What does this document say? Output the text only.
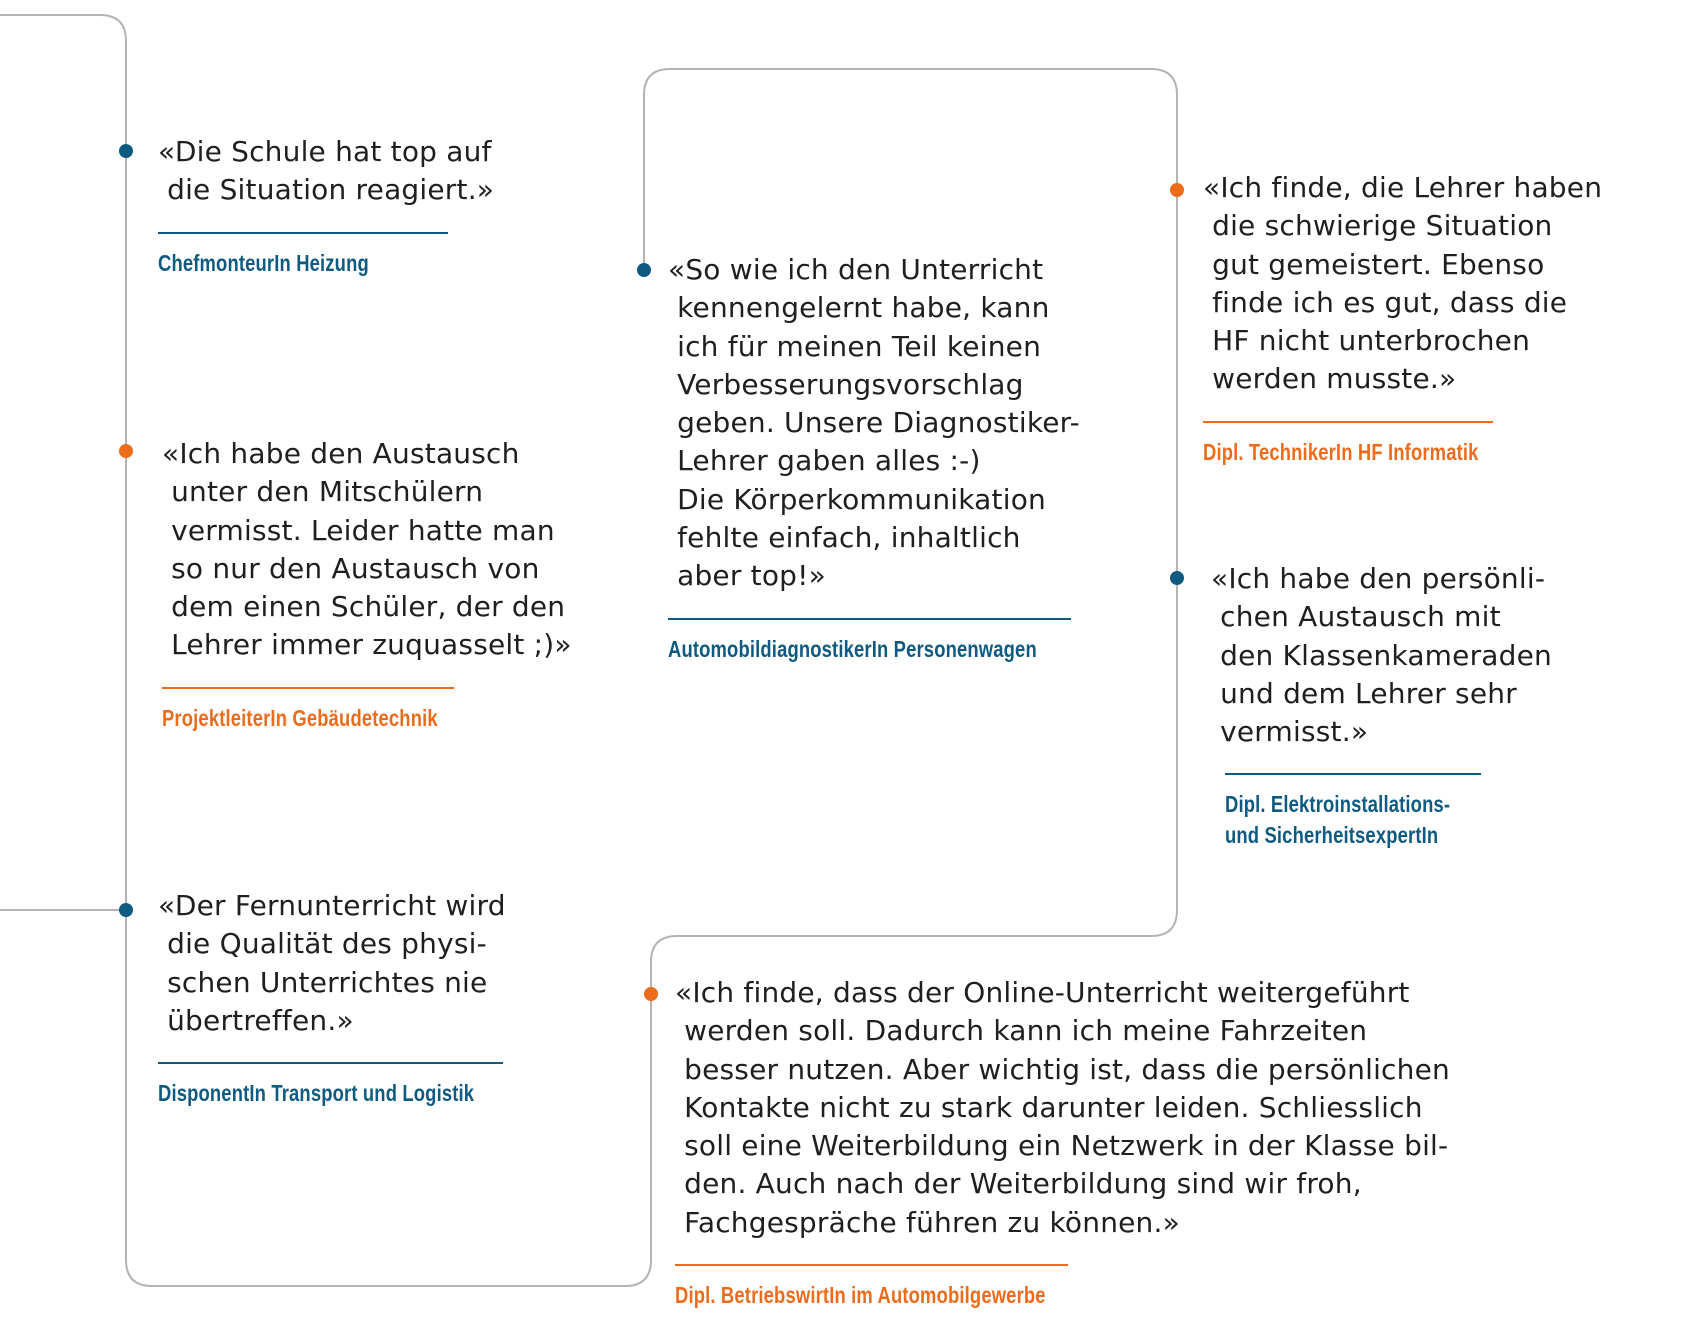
«Die Schule hat top auf
die Situation reagiert.»

ChefmonteurIn Heizung

«Ich habe den Austausch
unter den Mitschülern
vermisst. Leider hatte man
so nur den Austausch von
dem einen Schüler, der den
Lehrer immer zuquasselt ;)»

ProjektleiterIn Gebäudetechnik

«Der Fernunterricht wird
die Qualität des physi-
schen Unterrichtes nie
übertreffen.»

DisponentIn Transport und Logistik

«So wie ich den Unterricht
kennengelernt habe, kann
ich für meinen Teil keinen
Verbesserungsvorschlag
geben. Unsere Diagnostiker-
Lehrer gaben alles :-)
Die Körperkommunikation
fehlte einfach, inhaltlich
aber top!»

AutomobildiagnostikerIn Personenwagen

«Ich finde, die Lehrer haben
die schwierige Situation
gut gemeistert. Ebenso
finde ich es gut, dass die
HF nicht unterbrochen
werden musste.»

Dipl. TechnikerIn HF Informatik

«Ich habe den persönli-
chen Austausch mit
den Klassenkameraden
und dem Lehrer sehr
vermisst.»

Dipl. Elektroinstallations-
und SicherheitsexpertIn

«Ich finde, dass der Online-Unterricht weitergeführt
werden soll. Dadurch kann ich meine Fahrzeiten
besser nutzen. Aber wichtig ist, dass die persönlichen
Kontakte nicht zu stark darunter leiden. Schliesslich
soll eine Weiterbildung ein Netzwerk in der Klasse bil-
den. Auch nach der Weiterbildung sind wir froh,
Fachgespräche führen zu können.»

Dipl. BetriebswirtIn im Automobilgewerbe
